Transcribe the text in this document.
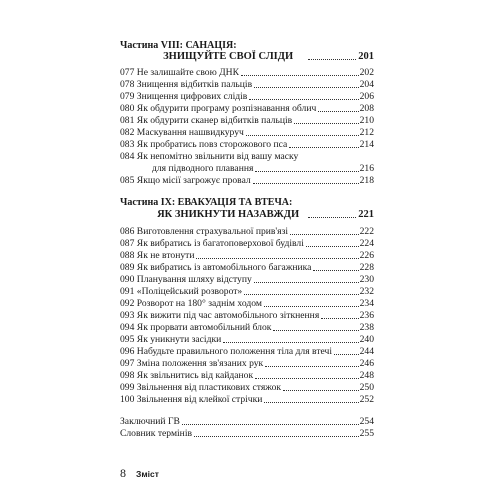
Частина VIII: САНАЦІЯ:
ЗНИЩУЙТЕ СВОЇ СЛІДИ	201
077 Не залишайте свою ДНК	202
078 Знищення відбитків пальців	204
079 Знищення цифрових слідів	206
080 Як обдурити програму розпізнавання облич	208
081 Як обдурити сканер відбитків пальців	210
082 Маскування нашвидкуруч	212
083 Як пробратись повз сторожового пса	214
084 Як непомітно звільнити від вашу маску
для підводного плавання	216
085 Якщо місії загрожує провал	218
Частина IX: ЕВАКУАЦІЯ ТА ВТЕЧА:
ЯК ЗНИКНУТИ НАЗАВЖДИ	221
086 Виготовлення страхувальної прив'язі	222
087 Як вибратись із багатоповерхової будівлі	224
088 Як не втонути	226
089 Як вибратись із автомобільного багажника	228
090 Планування шляху відступу	230
091 «Поліцейський розворот»	232
092 Розворот на 180° заднім ходом	234
093 Як вижити під час автомобільного зіткнення	236
094 Як прорвати автомобільний блок	238
095 Як уникнути засідки	240
096 Набудьте правильного положення тіла для втечі	244
097 Зміна положення зв'язаних рук	246
098 Як звільнитись від кайданок	248
099 Звільнення від пластикових стяжок	250
100 Звільнення від клейкої стрічки	252
Заключний ГВ	254
Словник термінів	255
8 Зміст
